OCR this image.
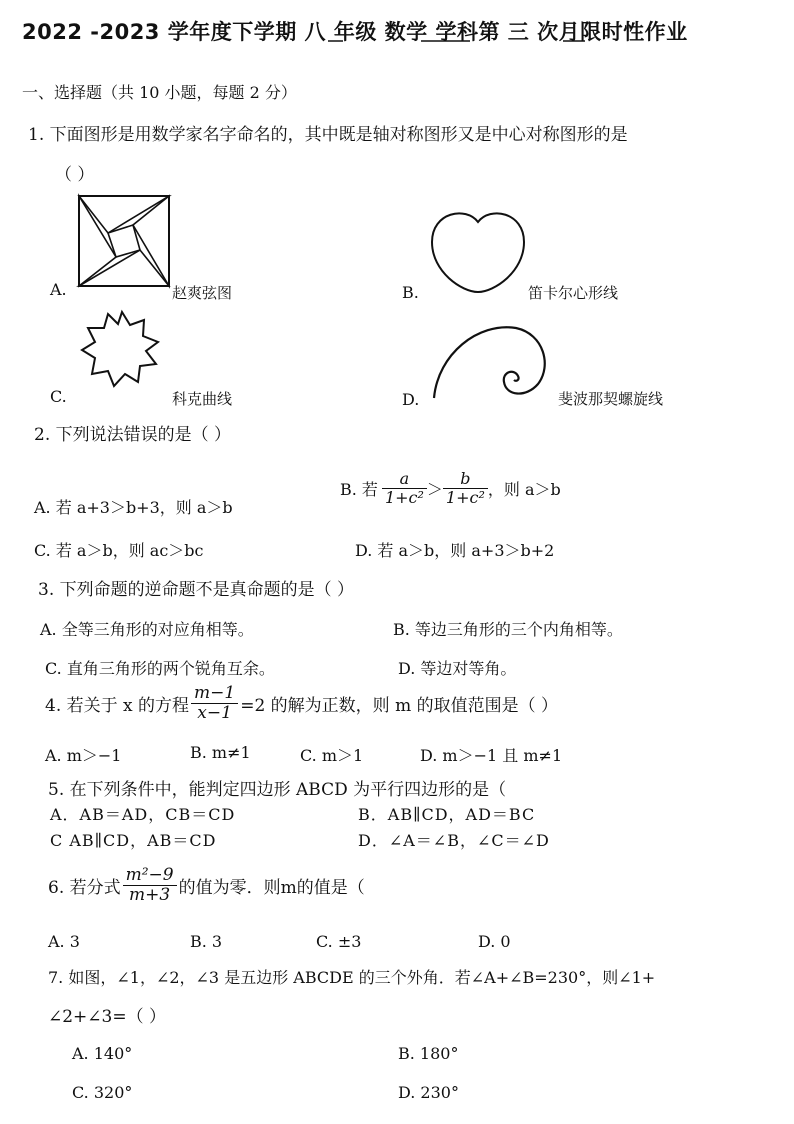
2022 -2023 学年度下学期 八 年级 数学 学科第 三 次月限时性作业
一、选择题（共 10 小题，每题 2 分）
1. 下面图形是用数学家名字命名的，其中既是轴对称图形又是中心对称图形的是
（ ）
A.	赵爽弦图	B.	笛卡尔心形线
C.	科克曲线	D.	斐波那契螺旋线
2. 下列说法错误的是（ ）
A. 若 a+3＞b+3，则 a＞b
B. 若 $\frac{a}{\text{1+c²}} > \frac{b}{\text{1+c²}}$ ，则 a＞b
C. 若 a＞b，则 ac＞bc	D. 若 a＞b，则 a+3＞b+2
3. 下列命题的逆命题不是真命题的是（ ）
A. 全等三角形的对应角相等。	B. 等边三角形的三个内角相等。
C. 直角三角形的两个锐角互余。	D. 等边对等角。
4. 若关于 x 的方程 $\frac{m-1}{x-1} =2$ 的解为正数，则 m 的取值范围是（ ）
A. m＞−1	B. m≠1	C. m＞1	D. m＞−1 且 m≠1
5. 在下列条件中，能判定四边形 ABCD 为平行四边形的是（
A．AB＝AD，CB＝CD	B．AB∥CD，AD＝BC
C AB∥CD，AB＝CD	D．∠A＝∠B，∠C＝∠D
6. 若分式 $\frac{\text{m²−9}}{m+3}$ 的值为零．则m的值是（
A. 3	B. 3	C. ±3	D. 0
7. 如图，∠1，∠2，∠3 是五边形 ABCDE 的三个外角．若∠A+∠B=230°，则∠1+
∠2+∠3=（ ）
A. 140°	B. 180°
C. 320°	D. 230°
